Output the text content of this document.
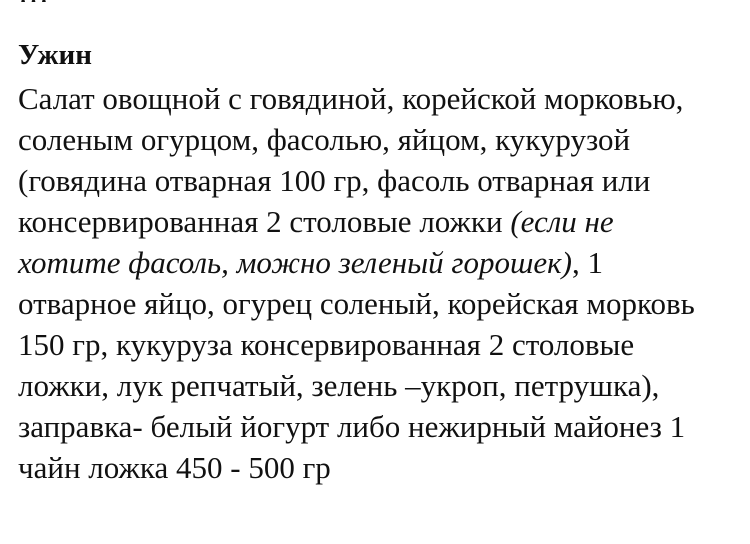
Ужин
Салат овощной с говядиной, корейской морковью,
соленым огурцом, фасолью, яйцом, кукурузой
(говядина отварная 100 гр, фасоль отварная или
консервированная 2 столовые ложки (если не
хотите фасоль, можно зеленый горошек), 1
отварное яйцо, огурец соленый, корейская морковь
150 гр, кукуруза консервированная 2 столовые
ложки, лук репчатый, зелень –укроп, петрушка),
заправка- белый йогурт либо нежирный майонез 1
чайн ложка 450 - 500 гр
